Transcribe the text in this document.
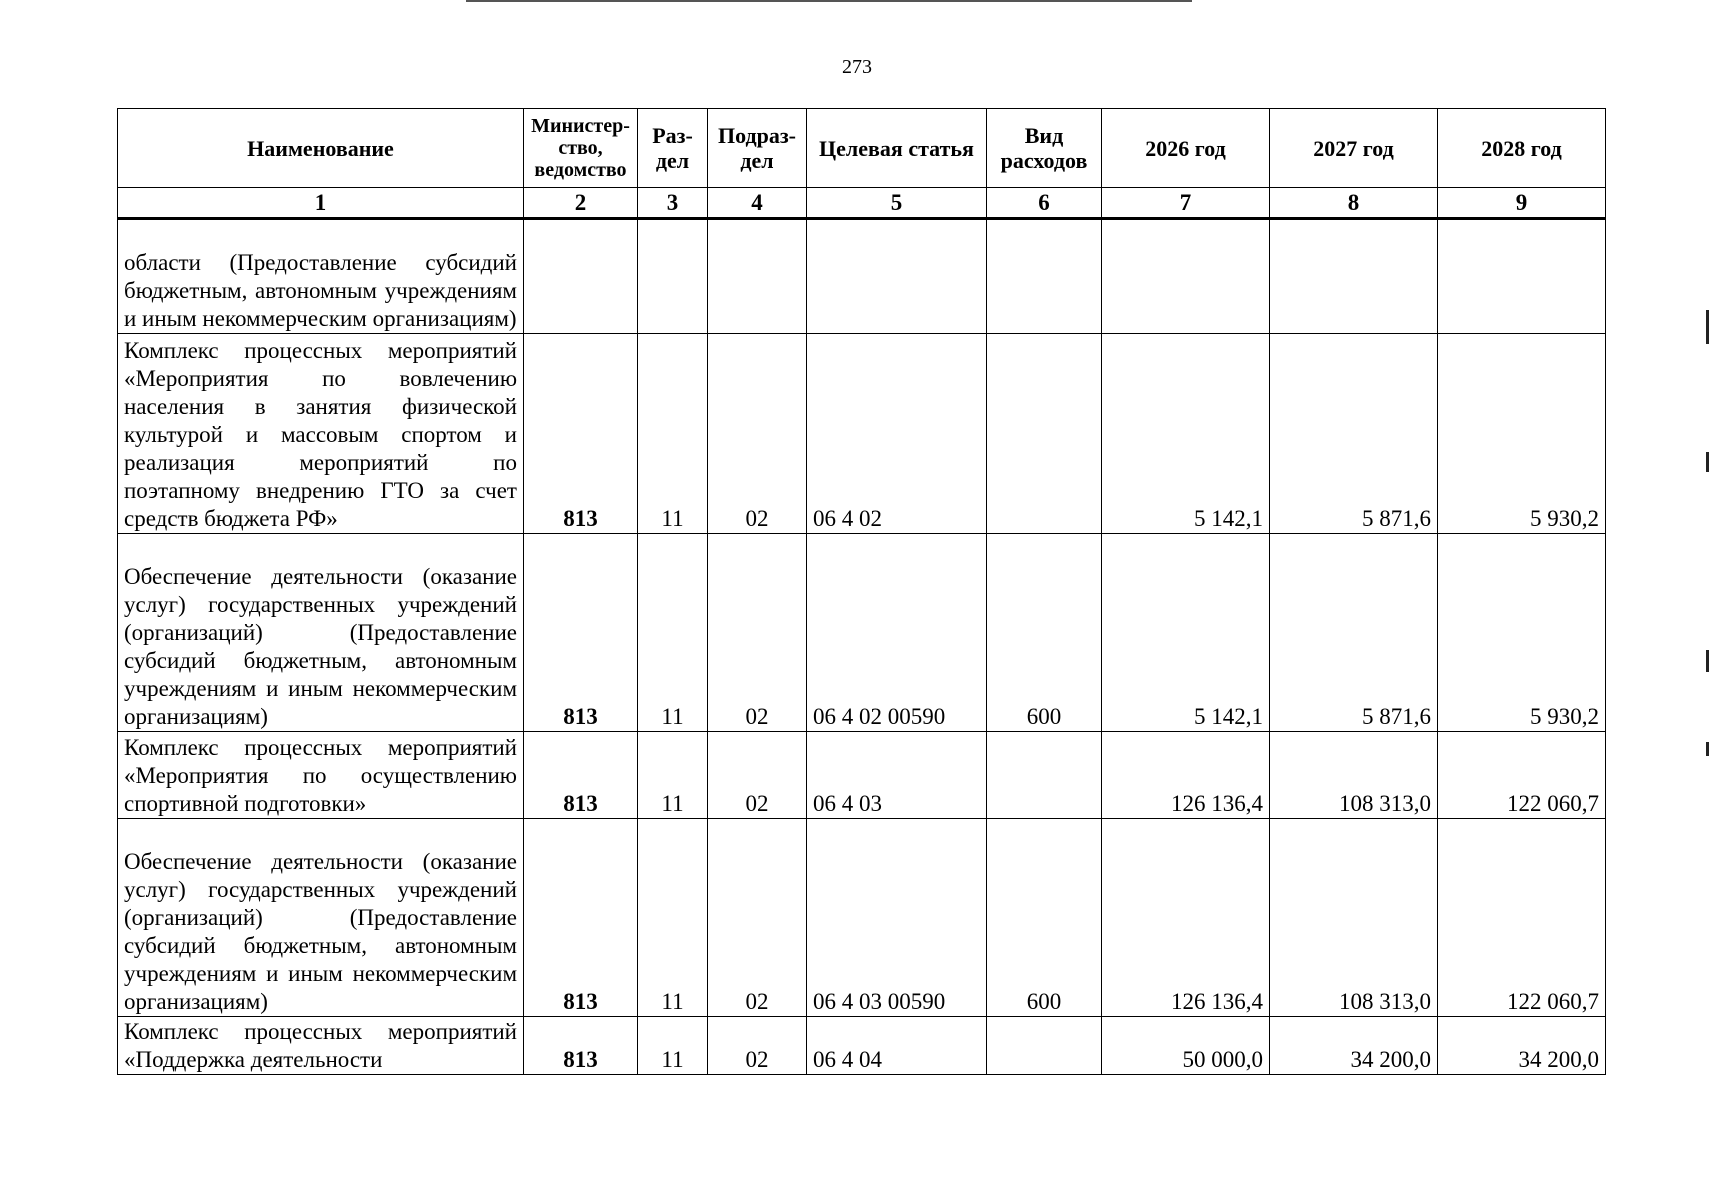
273
Наименование	Министер-ство, ведомство	Раз-дел	Подраз-дел	Целевая статья	Вид расходов	2026 год	2027 год	2028 год
1	2	3	4	5	6	7	8	9
области (Предоставление субсидий бюджетным, автономным учреждениям и иным некоммерческим организациям)								
Комплекс процессных мероприятий «Мероприятия по вовлечению населения в занятия физической культурой и массовым спортом и реализация мероприятий по поэтапному внедрению ГТО за счет средств бюджета РФ»	813	11	02	06 4 02		5 142,1	5 871,6	5 930,2
Обеспечение деятельности (оказание услуг) государственных учреждений (организаций) (Предоставление субсидий бюджетным, автономным учреждениям и иным некоммерческим организациям)	813	11	02	06 4 02 00590	600	5 142,1	5 871,6	5 930,2
Комплекс процессных мероприятий «Мероприятия по осуществлению спортивной подготовки»	813	11	02	06 4 03		126 136,4	108 313,0	122 060,7
Обеспечение деятельности (оказание услуг) государственных учреждений (организаций) (Предоставление субсидий бюджетным, автономным учреждениям и иным некоммерческим организациям)	813	11	02	06 4 03 00590	600	126 136,4	108 313,0	122 060,7
Комплекс процессных мероприятий «Поддержка деятельности	813	11	02	06 4 04		50 000,0	34 200,0	34 200,0
